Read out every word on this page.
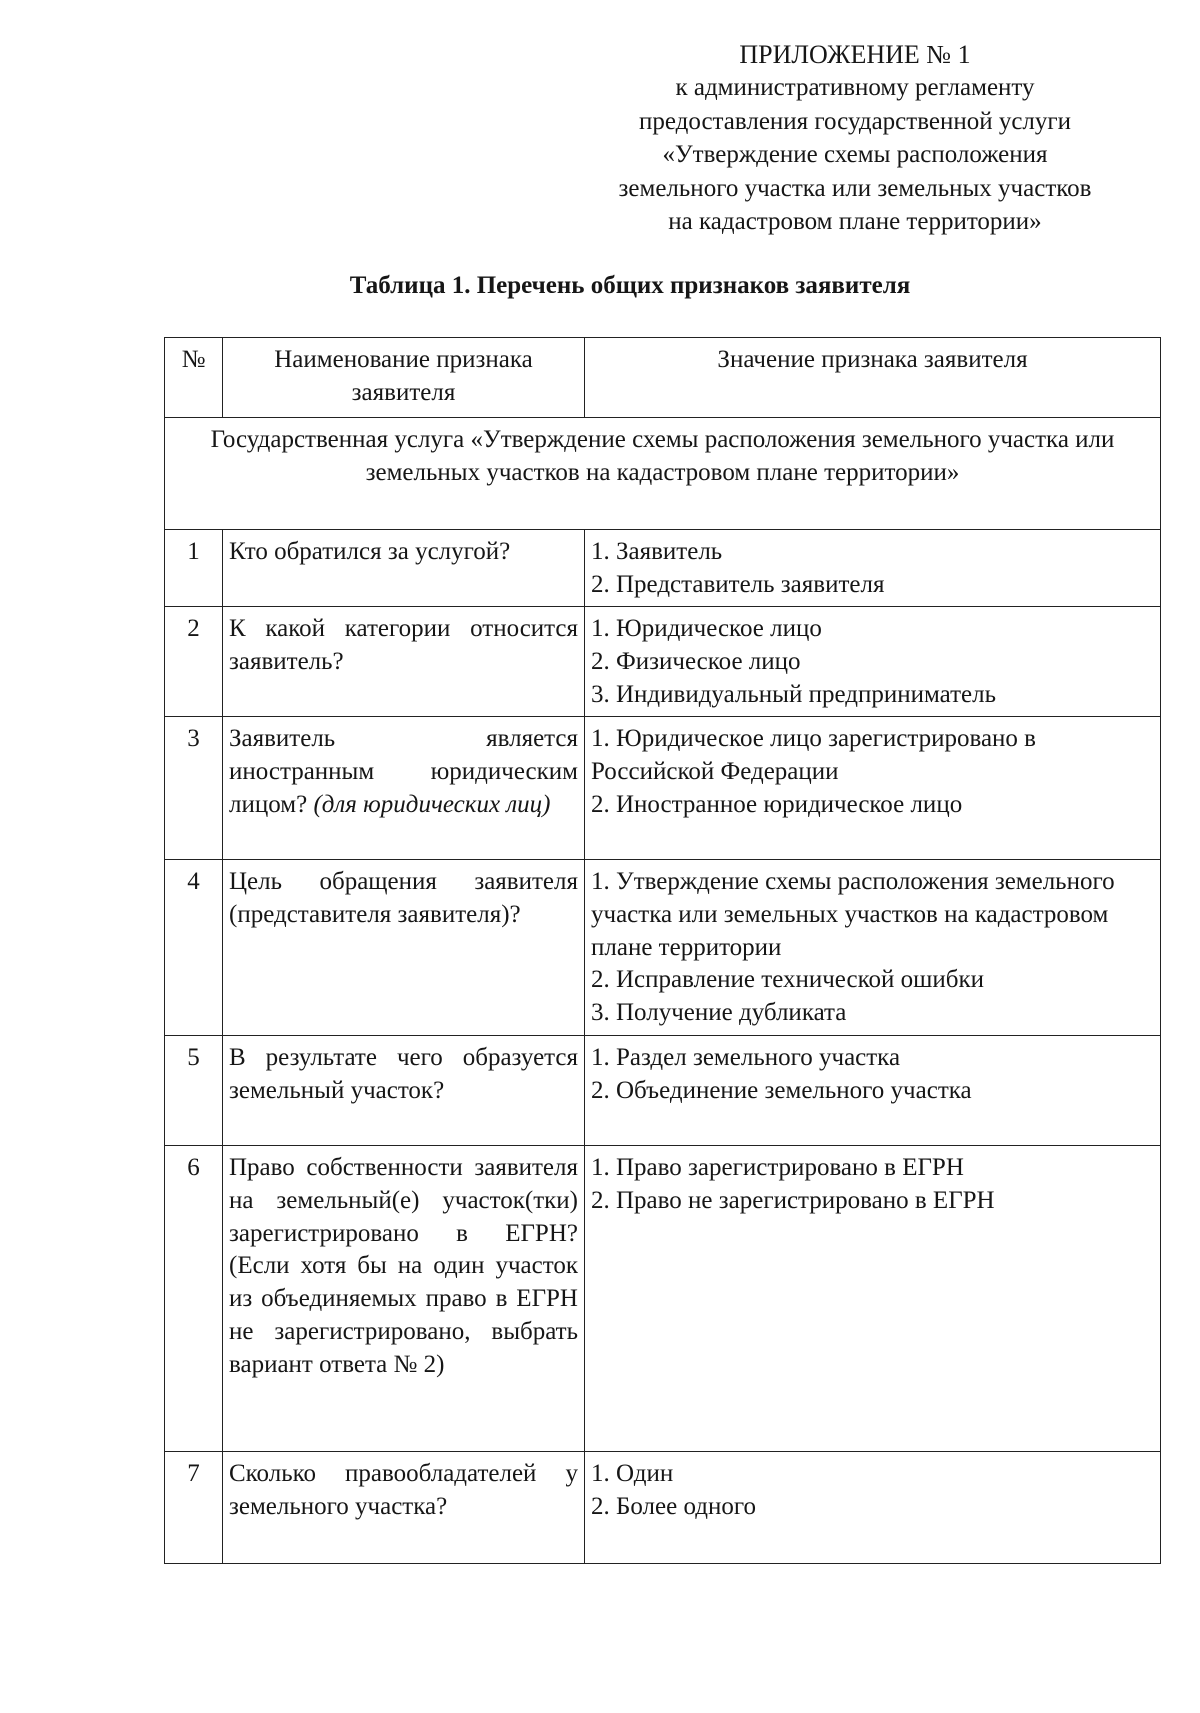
ПРИЛОЖЕНИЕ № 1
к административному регламенту
предоставления государственной услуги
«Утверждение схемы расположения
земельного участка или земельных участков
на кадастровом плане территории»
Таблица 1. Перечень общих признаков заявителя
№	Наименование признака заявителя	Значение признака заявителя
Государственная услуга «Утверждение схемы расположения земельного участка или земельных участков на кадастровом плане территории»		
1	Кто обратился за услугой?	1. Заявитель
2. Представитель заявителя

2	К какой категории относится заявитель?	1. Юридическое лицо
2. Физическое лицо
3. Индивидуальный предприниматель

3	Заявитель является иностранным юридическим лицом? (для юридических лиц)	1. Юридическое лицо зарегистрировано в Российской Федерации
2. Иностранное юридическое лицо

4	Цель обращения заявителя (представителя заявителя)?	1. Утверждение схемы расположения земельного участка или земельных участков на кадастровом плане территории
2. Исправление технической ошибки
3. Получение дубликата

5	В результате чего образуется земельный участок?	1. Раздел земельного участка
2. Объединение земельного участка

6	Право собственности заявителя на земельный(е) участок(тки) зарегистрировано в ЕГРН? (Если хотя бы на один участок из объединяемых право в ЕГРН не зарегистрировано, выбрать вариант ответа № 2)	1. Право зарегистрировано в ЕГРН
2. Право не зарегистрировано в ЕГРН

7	Сколько правообладателей у земельного участка?	1. Один
2. Более одного
